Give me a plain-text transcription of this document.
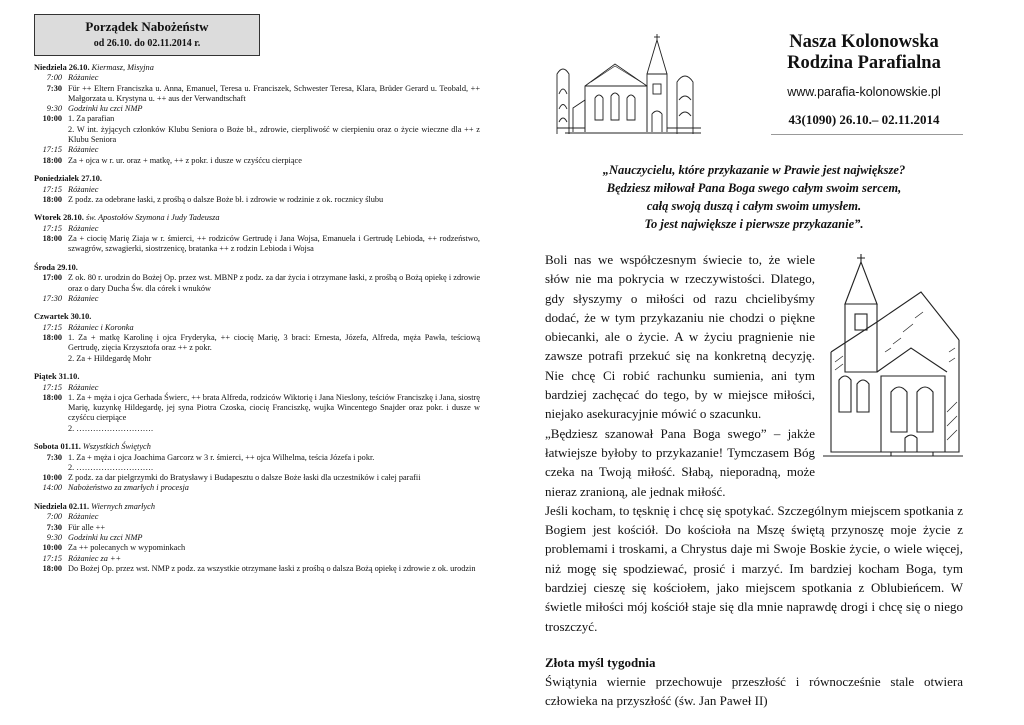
Porządek Nabożeństw
od 26.10. do 02.11.2014 r.
Niedziela 26.10. Kiermasz, Misyjna
7:00 Różaniec
7:30 Für ++ Eltern Franciszka u. Anna, Emanuel, Teresa u. Franciszek, Schwester Teresa, Klara, Brüder Gerard u. Teobald, ++ Małgorzata u. Krystyna u. ++ aus der Verwandtschaft
9:30 Godzinki ku czci NMP
10:00 1. Za parafian
2. W int. żyjących członków Klubu Seniora o Boże bł., zdrowie, cierpliwość w cierpieniu oraz o życie wieczne dla ++ z Klubu Seniora
17:15 Różaniec
18:00 Za + ojca w r. ur. oraz + matkę, ++ z pokr. i dusze w czyśćcu cierpiące
Poniedziałek 27.10.
17:15 Różaniec
18:00 Z podz. za odebrane łaski, z prośbą o dalsze Boże bł. i zdrowie w rodzinie z ok. rocznicy ślubu
Wtorek 28.10. św. Apostołów Szymona i Judy Tadeusza
17:15 Różaniec
18:00 Za + ciocię Marię Ziaja w r. śmierci, ++ rodziców Gertrudę i Jana Wojsa, Emanuela i Gertrudę Lebioda, ++ rodzeństwo, szwagrów, szwagierki, siostrzenicę, bratanka ++ z rodzin Lebioda i Wojsa
Środa 29.10.
17:00 Z ok. 80 r. urodzin do Bożej Op. przez wst. MBNP z podz. za dar życia i otrzymane łaski, z prośbą o Bożą opiekę i zdrowie oraz o dary Ducha Św. dla córek i wnuków
17:30 Różaniec
Czwartek 30.10.
17:15 Różaniec i Koronka
18:00 1. Za + matkę Karolinę i ojca Fryderyka, ++ ciocię Marię, 3 braci: Ernesta, Józefa, Alfreda, męża Pawła, teściową Gertrudę, zięcia Krzysztofa oraz ++ z pokr.
2. Za + Hildegardę Mohr
Piątek 31.10.
17:15 Różaniec
18:00 1. Za + męża i ojca Gerhada Świerc, ++ brata Alfreda, rodziców Wiktorię i Jana Nieslony, teściów Franciszkę i Jana, siostrę Marię, kuzynkę Hildegardę, jej syna Piotra Czoska, ciocię Franciszkę, wujka Wincentego Snajder oraz pokr. i dusze w czyśćcu cierpiące
2. ……………………….
Sobota 01.11. Wszystkich Świętych
7:30 1. Za + męża i ojca Joachima Garcorz w 3 r. śmierci, ++ ojca Wilhelma, teścia Józefa i pokr.
2. ……………………….
10:00 Z podz. za dar pielgrzymki do Bratysławy i Budapesztu o dalsze Boże łaski dla uczestników i całej parafii
14:00 Nabożeństwo za zmarłych i procesja
Niedziela 02.11. Wiernych zmarłych
7:00 Różaniec
7:30 Für alle ++
9:30 Godzinki ku czci NMP
10:00 Za ++ polecanych w wypominkach
17:15 Różaniec za ++
18:00 Do Bożej Op. przez wst. NMP z podz. za wszystkie otrzymane łaski z prośbą o dalsza Bożą opiekę i zdrowie z ok. urodzin
Nasza Kolonowska
Rodzina Parafialna
www.parafia-kolonowskie.pl
43(1090) 26.10.– 02.11.2014
„Nauczycielu, które przykazanie w Prawie jest największe?
Będziesz miłował Pana Boga swego całym swoim sercem,
całą swoją duszą i całym swoim umysłem.
To jest największe i pierwsze przykazanie”.

Boli nas we współczesnym świecie to, że wiele słów nie ma pokrycia w rzeczywistości. Dlatego, gdy słyszymy o miłości od razu chcielibyśmy dodać, że w tym przykazaniu nie chodzi o piękne obiecanki, ale o życie. A w życiu pragnienie nie zawsze potrafi przekuć się na konkretną decyzję. Nie chcę Ci robić rachunku sumienia, ani tym bardziej zachęcać do tego, by w miejsce miłości, niejako asekuracyjnie mówić o szacunku.

„Będziesz szanował Pana Boga swego” – jakże łatwiejsze byłoby to przykazanie! Tymczasem Bóg czeka na Twoją miłość. Słabą, nieporadną, może nieraz zranioną, ale jednak miłość.

Jeśli kocham, to tęsknię i chcę się spotykać. Szczególnym miejscem spotkania z Bogiem jest kościół. Do kościoła na Mszę świętą przynoszę moje życie z problemami i troskami, a Chrystus daje mi Swoje Boskie życie, o wiele więcej, niż mogę się spodziewać, prosić i marzyć. Im bardziej kocham Boga, tym bardziej cieszę się kościołem, jako miejscem spotkania z Oblubieńcem. W świetle miłości mój kościół staje się dla mnie naprawdę drogi i chcę się o niego troszczyć.

Złota myśl tygodnia
Świątynia wiernie przechowuje przeszłość i równocześnie stale otwiera człowieka na przyszłość (św. Jan Paweł II)
